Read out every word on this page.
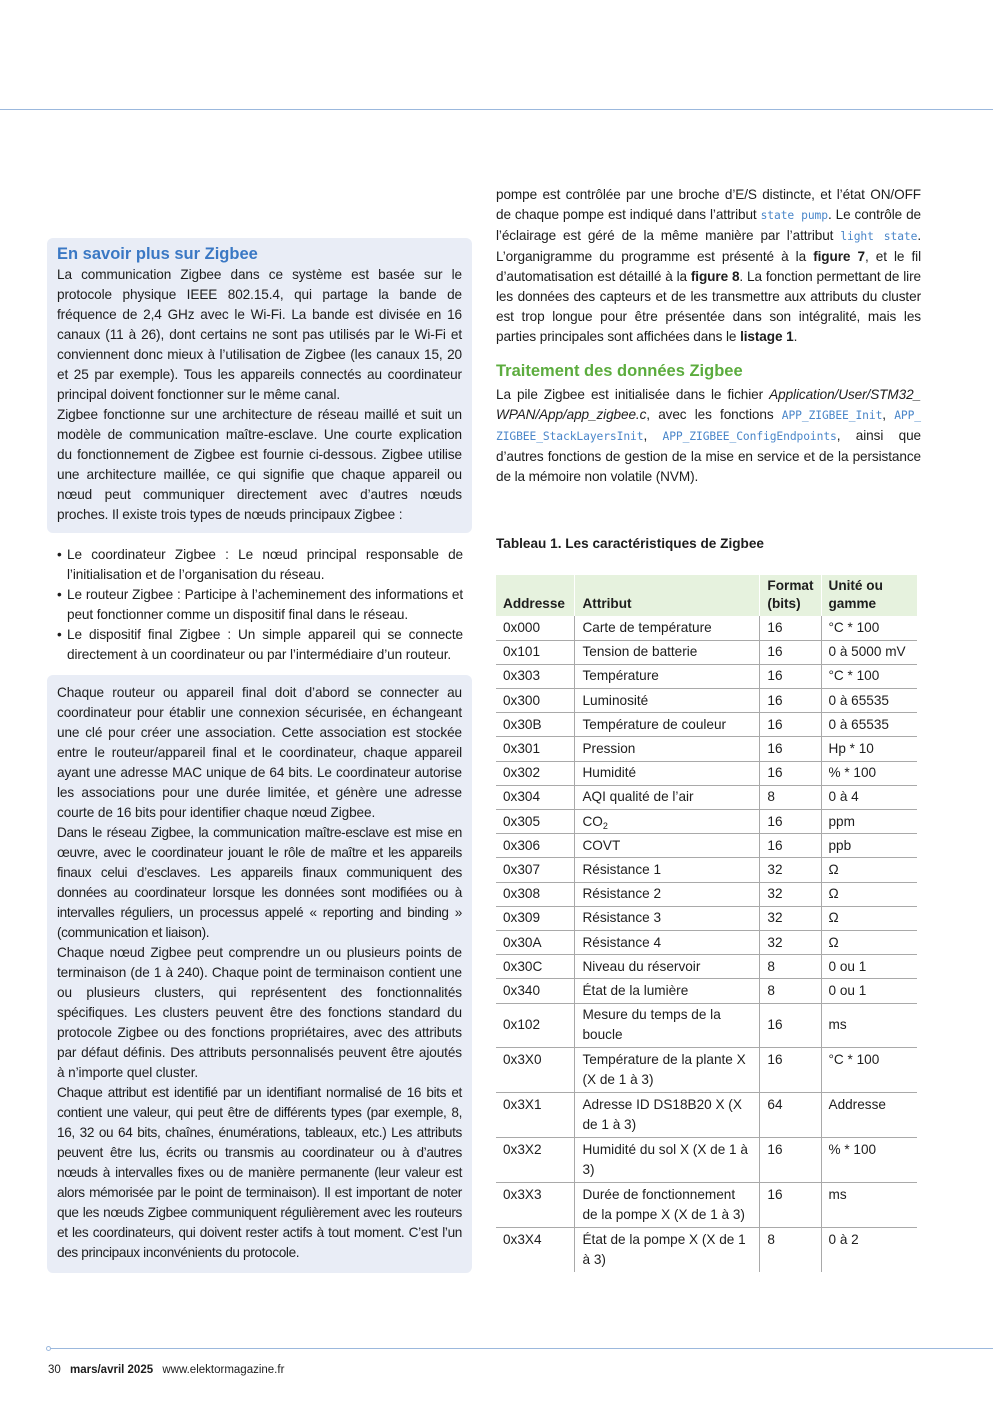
En savoir plus sur Zigbee

La communication Zigbee dans ce système est basée sur le protocole physique IEEE 802.15.4, qui partage la bande de fréquence de 2,4 GHz avec le Wi-Fi. La bande est divisée en 16 canaux (11 à 26), dont certains ne sont pas utilisés par le Wi-Fi et conviennent donc mieux à l’utilisation de Zigbee (les canaux 15, 20 et 25 par exemple). Tous les appareils connectés au coordinateur principal doivent fonctionner sur le même canal.

Zigbee fonctionne sur une architecture de réseau maillé et suit un modèle de communication maître-esclave. Une courte explication du fonctionnement de Zigbee est fournie ci-dessous. Zigbee utilise une architecture maillée, ce qui signifie que chaque appareil ou nœud peut communiquer directement avec d’autres nœuds proches. Il existe trois types de nœuds principaux Zigbee :

• Le coordinateur Zigbee : Le nœud principal responsable de l’initialisation et de l’organisation du réseau.
• Le routeur Zigbee : Participe à l’acheminement des informations et peut fonctionner comme un dispositif final dans le réseau.
• Le dispositif final Zigbee : Un simple appareil qui se connecte directement à un coordinateur ou par l’intermédiaire d’un routeur.

Chaque routeur ou appareil final doit d’abord se connecter au coordinateur pour établir une connexion sécurisée, en échangeant une clé pour créer une association. Cette association est stockée entre le routeur/appareil final et le coordinateur, chaque appareil ayant une adresse MAC unique de 64 bits. Le coordinateur autorise les associations pour une durée limitée, et génère une adresse courte de 16 bits pour identifier chaque nœud Zigbee.

Dans le réseau Zigbee, la communication maître-esclave est mise en œuvre, avec le coordinateur jouant le rôle de maître et les appareils finaux celui d’esclaves. Les appareils finaux communiquent des données au coordinateur lorsque les données sont modifiées ou à intervalles réguliers, un processus appelé « reporting and binding » (communication et liaison).

Chaque nœud Zigbee peut comprendre un ou plusieurs points de terminaison (de 1 à 240). Chaque point de terminaison contient une ou plusieurs clusters, qui représentent des fonctionnalités spécifiques. Les clusters peuvent être des fonctions standard du protocole Zigbee ou des fonctions propriétaires, avec des attributs par défaut définis. Des attributs personnalisés peuvent être ajoutés à n’importe quel cluster.

Chaque attribut est identifié par un identifiant normalisé de 16 bits et contient une valeur, qui peut être de différents types (par exemple, 8, 16, 32 ou 64 bits, chaînes, énumérations, tableaux, etc.) Les attributs peuvent être lus, écrits ou transmis au coordinateur ou à d’autres nœuds à intervalles fixes ou de manière permanente (leur valeur est alors mémorisée par le point de terminaison). Il est important de noter que les nœuds Zigbee communiquent régulièrement avec les routeurs et les coordinateurs, qui doivent rester actifs à tout moment. C’est l’un des principaux inconvénients du protocole.

pompe est contrôlée par une broche d’E/S distincte, et l’état ON/OFF de chaque pompe est indiqué dans l’attribut state pump. Le contrôle de l’éclairage est géré de la même manière par l’attribut light state. L’organigramme du programme est présenté à la figure 7, et le fil d’automatisation est détaillé à la figure 8. La fonction permettant de lire les données des capteurs et de les transmettre aux attributs du cluster est trop longue pour être présentée dans son intégralité, mais les parties principales sont affichées dans le listage 1.

Traitement des données Zigbee

La pile Zigbee est initialisée dans le fichier Application/User/STM32_ WPAN/App/app_zigbee.c, avec les fonctions APP_ZIGBEE_Init, APP_ ZIGBEE_StackLayersInit, APP_ZIGBEE_ConfigEndpoints, ainsi que d’autres fonctions de gestion de la mise en service et de la persistance de la mémoire non volatile (NVM).

Tableau 1. Les caractéristiques de Zigbee
Addresse	Attribut	Format (bits)	Unité ou gamme
0x000	Carte de température	16	°C * 100
0x101	Tension de batterie	16	0 à 5000 mV
0x303	Température	16	°C * 100
0x300	Luminosité	16	0 à 65535
0x30B	Température de couleur	16	0 à 65535
0x301	Pression	16	Hp * 10
0x302	Humidité	16	% * 100
0x304	AQI qualité de l’air	8	0 à 4
0x305	$CO_2$	16	ppm
0x306	COVT	16	ppb
0x307	Résistance 1	32	Ω
0x308	Résistance 2	32	Ω
0x309	Résistance 3	32	Ω
0x30A	Résistance 4	32	Ω
0x30C	Niveau du réservoir	8	0 ou 1
0x340	État de la lumière	8	0 ou 1
0x102	Mesure du temps de la boucle	16	ms
0x3X0	Température de la plante X (X de 1 à 3)	16	°C * 100
0x3X1	Adresse ID DS18B20 X (X de 1 à 3)	64	Addresse
0x3X2	Humidité du sol X (X de 1 à 3)	16	% * 100
0x3X3	Durée de fonctionnement de la pompe X (X de 1 à 3)	16	ms
0x3X4	État de la pompe X (X de 1 à 3)	8	0 à 2
30 mars/avril 2025 www.elektormagazine.fr
